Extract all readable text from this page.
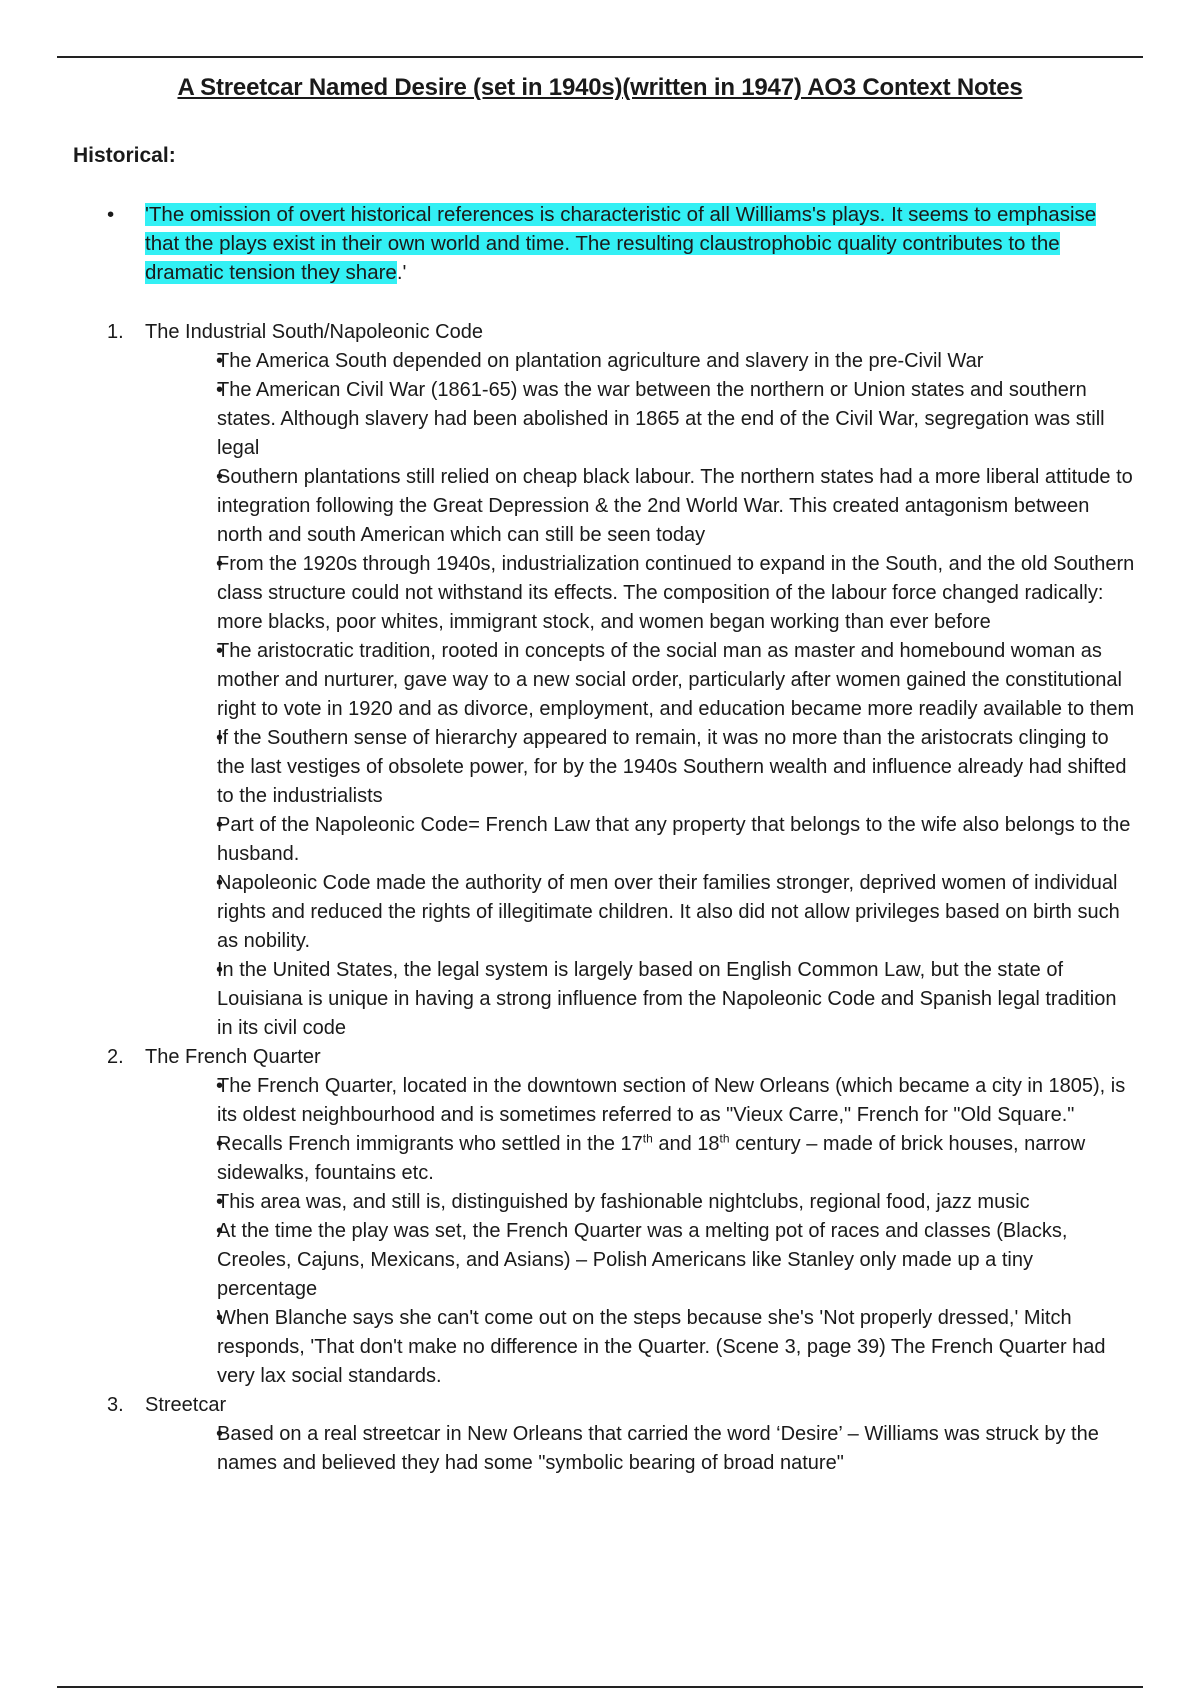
A Streetcar Named Desire (set in 1940s)(written in 1947) AO3 Context Notes
Historical:
•	'The omission of overt historical references is characteristic of all Williams's plays. It seems to emphasise that the plays exist in their own world and time. The resulting claustrophobic quality contributes to the dramatic tension they share.'
1. The Industrial South/Napoleonic Code
• The America South depended on plantation agriculture and slavery in the pre-Civil War
• The American Civil War (1861-65) was the war between the northern or Union states and southern states. Although slavery had been abolished in 1865 at the end of the Civil War, segregation was still legal
• Southern plantations still relied on cheap black labour. The northern states had a more liberal attitude to integration following the Great Depression & the 2nd World War. This created antagonism between north and south American which can still be seen today
• From the 1920s through 1940s, industrialization continued to expand in the South, and the old Southern class structure could not withstand its effects. The composition of the labour force changed radically: more blacks, poor whites, immigrant stock, and women began working than ever before
• The aristocratic tradition, rooted in concepts of the social man as master and homebound woman as mother and nurturer, gave way to a new social order, particularly after women gained the constitutional right to vote in 1920 and as divorce, employment, and education became more readily available to them
• If the Southern sense of hierarchy appeared to remain, it was no more than the aristocrats clinging to the last vestiges of obsolete power, for by the 1940s Southern wealth and influence already had shifted to the industrialists
• Part of the Napoleonic Code= French Law that any property that belongs to the wife also belongs to the husband.
• Napoleonic Code made the authority of men over their families stronger, deprived women of individual rights and reduced the rights of illegitimate children. It also did not allow privileges based on birth such as nobility.
• In the United States, the legal system is largely based on English Common Law, but the state of Louisiana is unique in having a strong influence from the Napoleonic Code and Spanish legal tradition in its civil code
2. The French Quarter
• The French Quarter, located in the downtown section of New Orleans (which became a city in 1805), is its oldest neighbourhood and is sometimes referred to as "Vieux Carre," French for "Old Square."
• Recalls French immigrants who settled in the 17th and 18th century – made of brick houses, narrow sidewalks, fountains etc.
• This area was, and still is, distinguished by fashionable nightclubs, regional food, jazz music
• At the time the play was set, the French Quarter was a melting pot of races and classes (Blacks, Creoles, Cajuns, Mexicans, and Asians) – Polish Americans like Stanley only made up a tiny percentage
• When Blanche says she can't come out on the steps because she's 'Not properly dressed,' Mitch responds, 'That don't make no difference in the Quarter. (Scene 3, page 39) The French Quarter had very lax social standards.
3. Streetcar
• Based on a real streetcar in New Orleans that carried the word ‘Desire’ – Williams was struck by the names and believed they had some "symbolic bearing of broad nature"
